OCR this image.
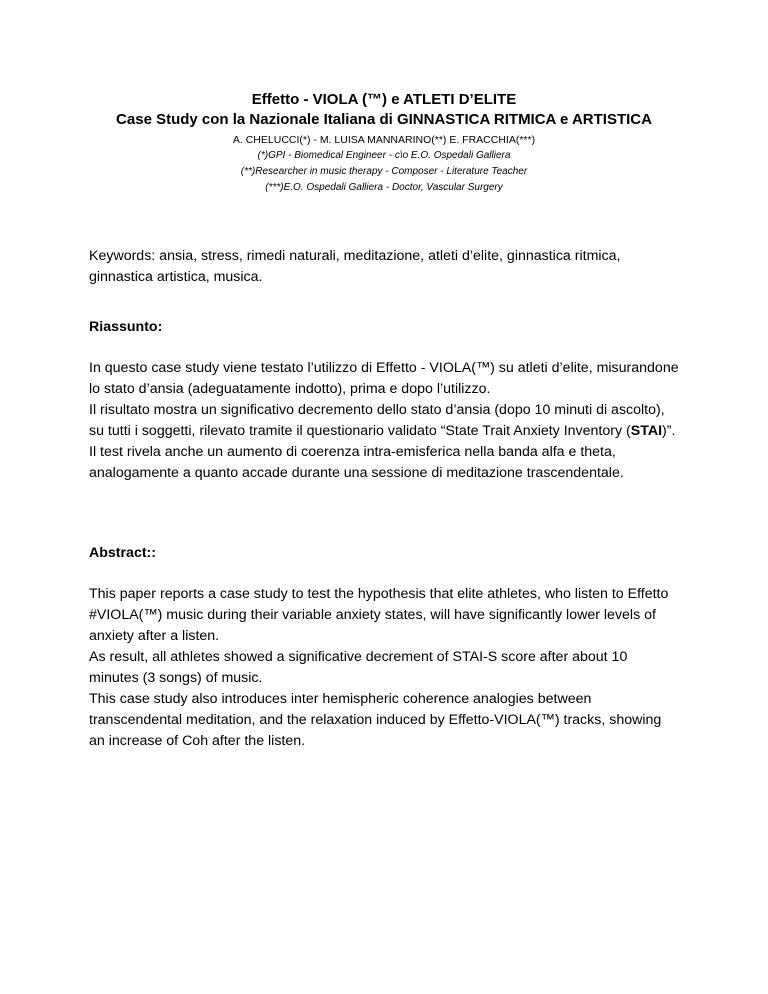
Effetto - VIOLA (™) e ATLETI D’ELITE

Case Study con la Nazionale Italiana di GINNASTICA RITMICA e ARTISTICA

A. CHELUCCI(*) - M. LUISA MANNARINO(**) E. FRACCHIA(***)
(*)GPI - Biomedical Engineer - c\o E.O. Ospedali Galliera
(**)Researcher in music therapy - Composer - Literature Teacher
(***)E.O. Ospedali Galliera - Doctor, Vascular Surgery
Keywords: ansia, stress, rimedi naturali, meditazione, atleti d’elite, ginnastica ritmica,
ginnastica artistica, musica.
Riassunto:
In questo case study viene testato l’utilizzo di Effetto - VIOLA(™) su atleti d’elite, misurandone
lo stato d’ansia (adeguatamente indotto), prima e dopo l’utilizzo.
Il risultato mostra un significativo decremento dello stato d’ansia (dopo 10 minuti di ascolto),
su tutti i soggetti, rilevato tramite il questionario validato “State Trait Anxiety Inventory (STAI)”.
Il test rivela anche un aumento di coerenza intra-emisferica nella banda alfa e theta,
analogamente a quanto accade durante una sessione di meditazione trascendentale.
Abstract::
This paper reports a case study to test the hypothesis that elite athletes, who listen to Effetto
#VIOLA(™) music during their variable anxiety states, will have significantly lower levels of
anxiety after a listen.
As result, all athletes showed a significative decrement of STAI-S score after about 10
minutes (3 songs) of music.
This case study also introduces inter hemispheric coherence analogies between
transcendental meditation, and the relaxation induced by Effetto-VIOLA(™) tracks, showing
an increase of Coh after the listen.
